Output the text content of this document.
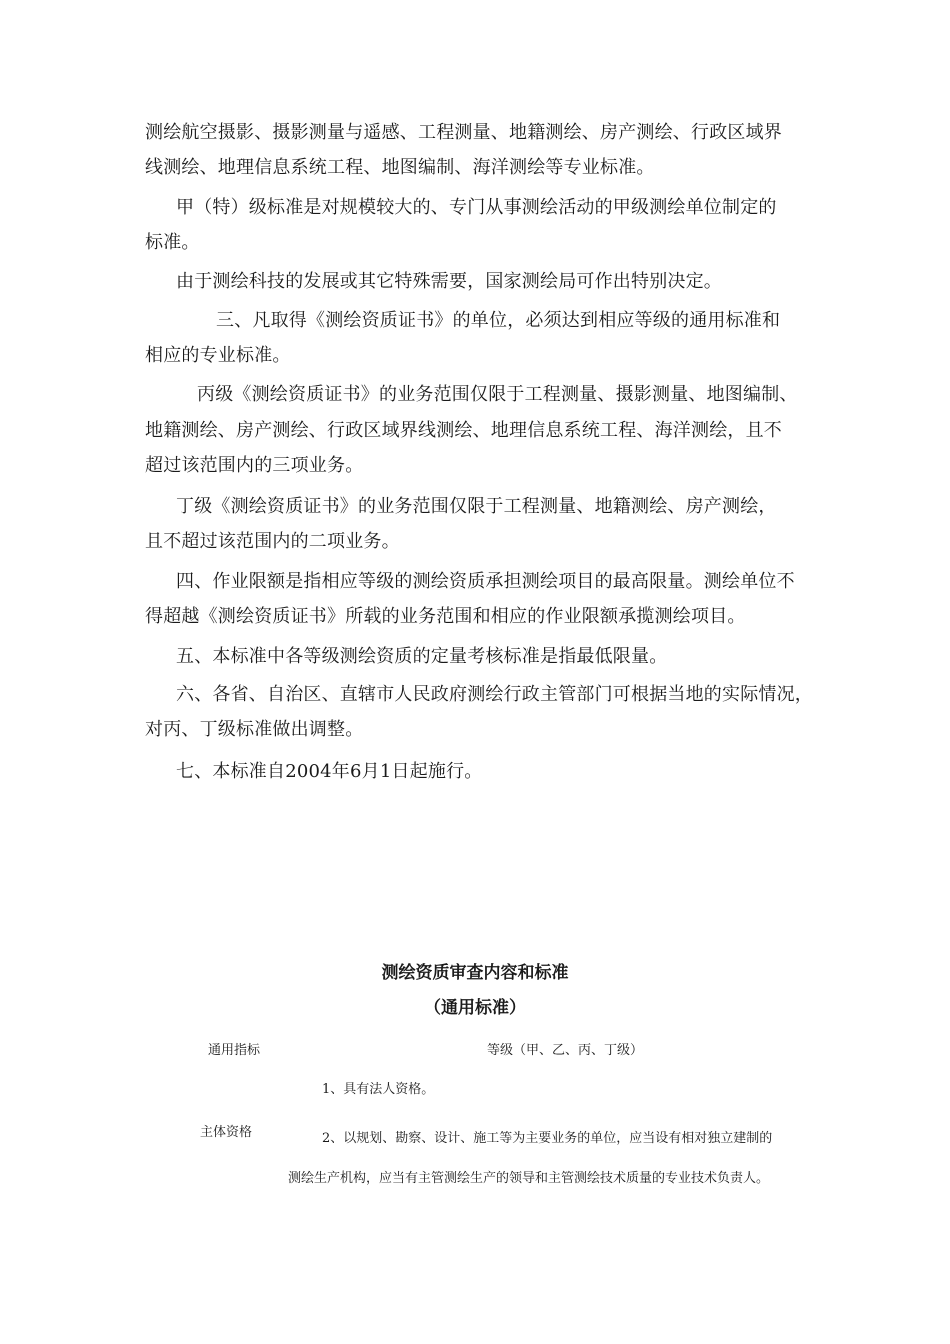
测绘航空摄影、摄影测量与遥感、工程测量、地籍测绘、房产测绘、行政区域界
线测绘、地理信息系统工程、地图编制、海洋测绘等专业标准。
甲（特）级标准是对规模较大的、专门从事测绘活动的甲级测绘单位制定的
标准。
由于测绘科技的发展或其它特殊需要，国家测绘局可作出特别决定。
三、凡取得《测绘资质证书》的单位，必须达到相应等级的通用标准和
相应的专业标准。
丙级《测绘资质证书》的业务范围仅限于工程测量、摄影测量、地图编制、
地籍测绘、房产测绘、行政区域界线测绘、地理信息系统工程、海洋测绘，且不
超过该范围内的三项业务。
丁级《测绘资质证书》的业务范围仅限于工程测量、地籍测绘、房产测绘，
且不超过该范围内的二项业务。
四、作业限额是指相应等级的测绘资质承担测绘项目的最高限量。测绘单位不
得超越《测绘资质证书》所载的业务范围和相应的作业限额承揽测绘项目。
五、本标准中各等级测绘资质的定量考核标准是指最低限量。
六、各省、自治区、直辖市人民政府测绘行政主管部门可根据当地的实际情况，
对丙、丁级标准做出调整。
七、本标准自2004年6月1日起施行。
测绘资质审查内容和标准
（通用标准）
通用指标	等级（甲、乙、丙、丁级）
1、具有法人资格。
主体资格	2、以规划、勘察、设计、施工等为主要业务的单位，应当设有相对独立建制的
测绘生产机构，应当有主管测绘生产的领导和主管测绘技术质量的专业技术负责人。
